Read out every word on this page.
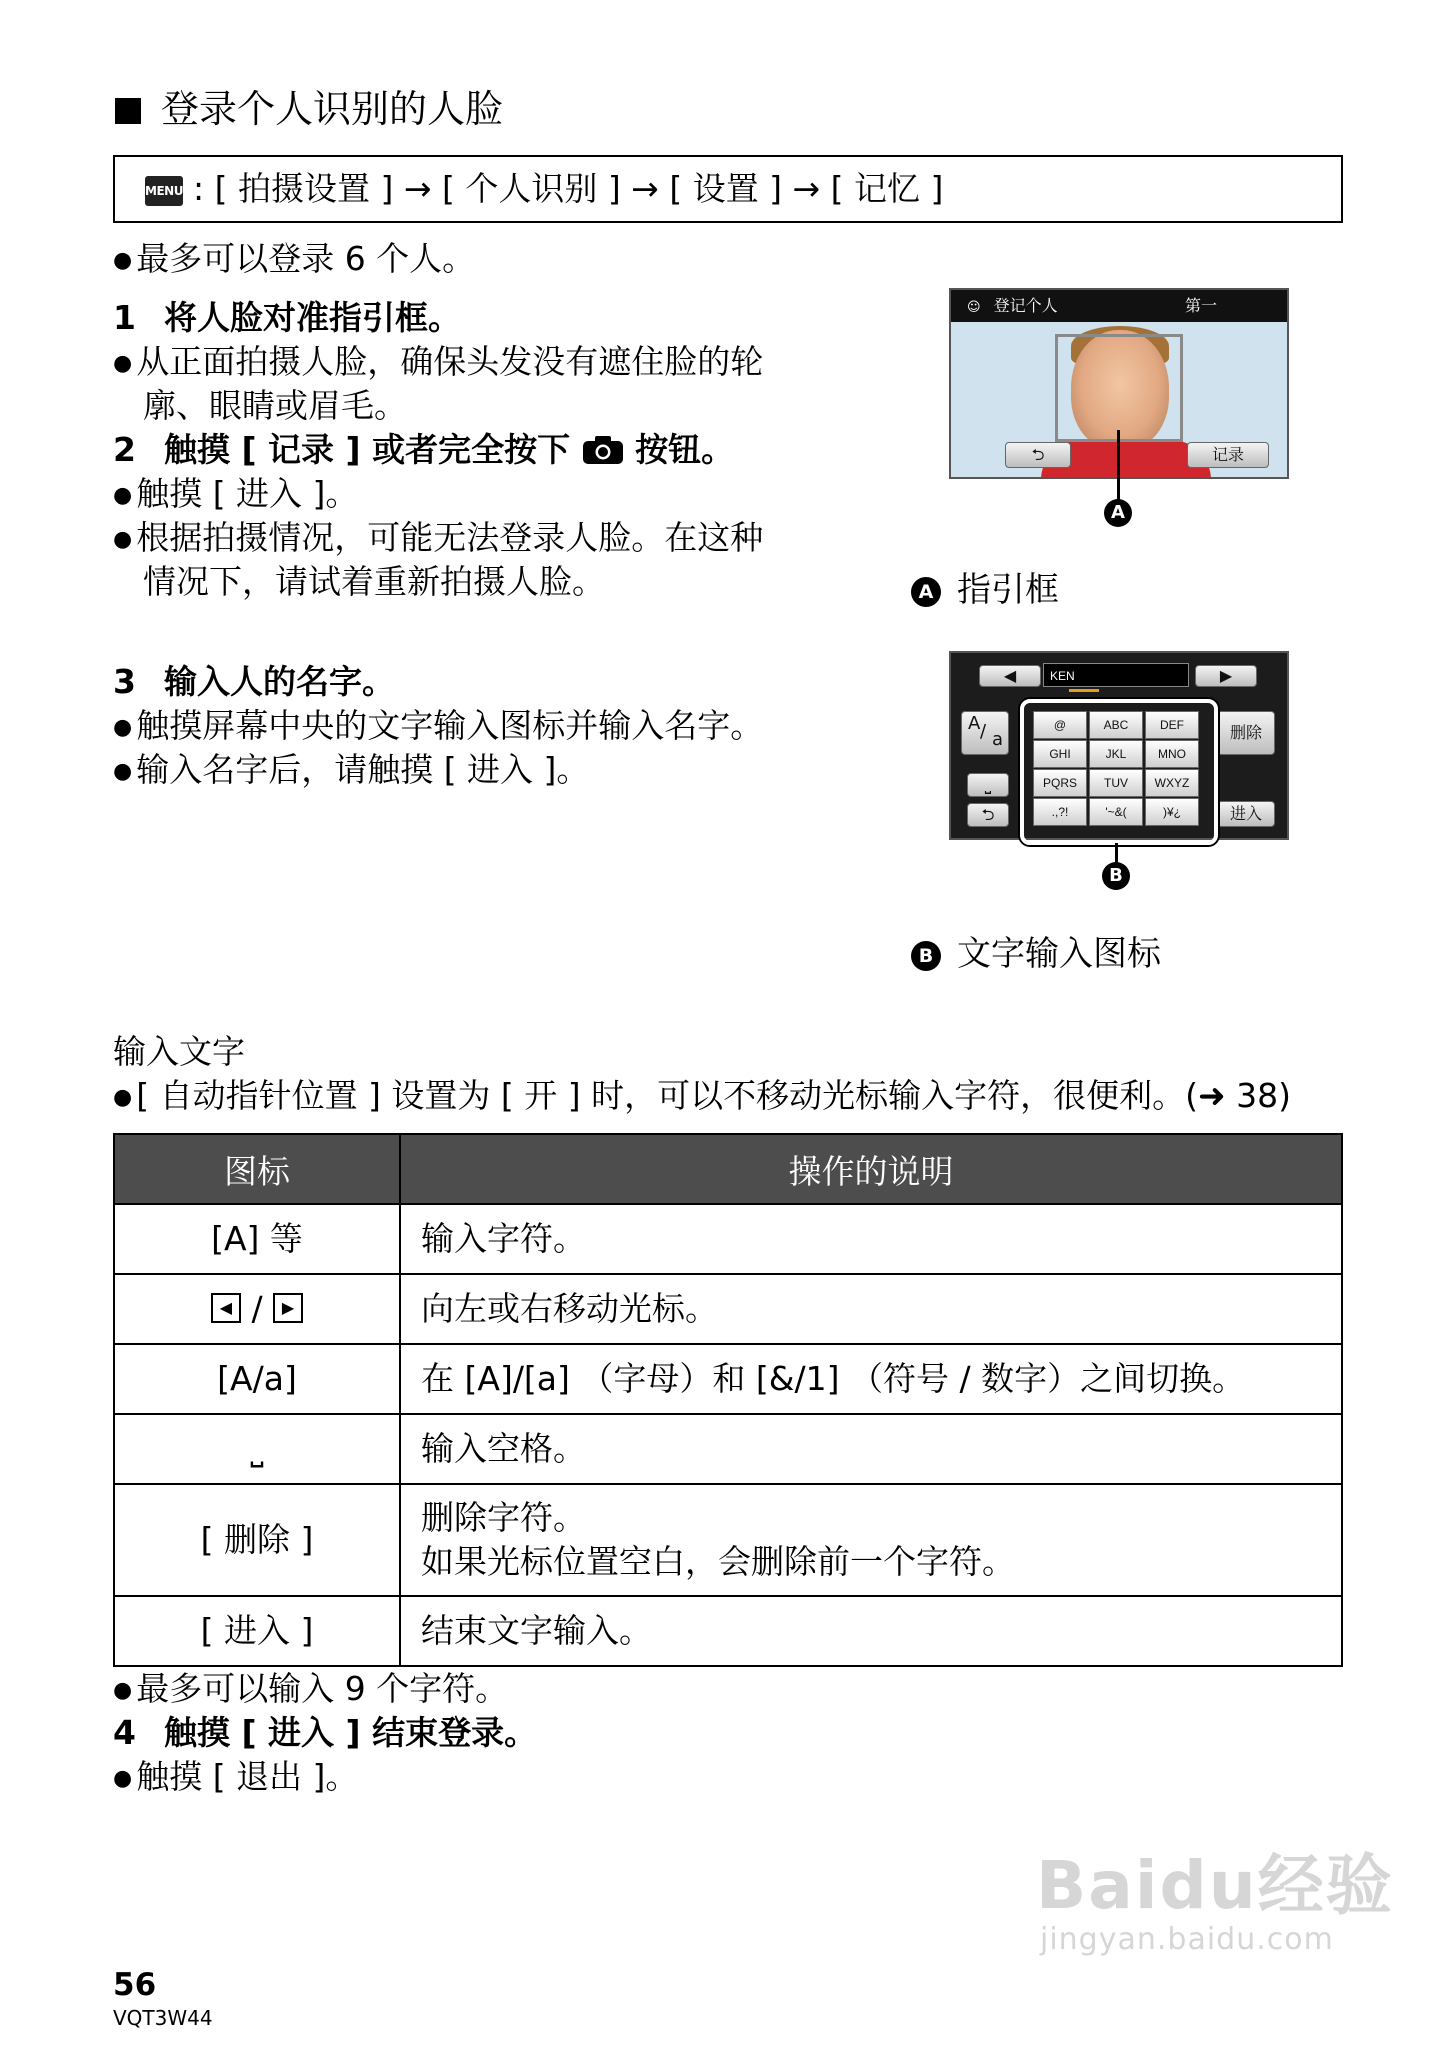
登录个人识别的人脸
MENU : [ 拍摄设置 ] → [ 个人识别 ] → [ 设置 ] → [ 记忆 ]
● 最多可以登录 6 个人。
1 将人脸对准指引框。
● 从正面拍摄人脸，确保头发没有遮住脸的轮
廓、眼睛或眉毛。
2 触摸 [ 记录 ] 或者完全按下 按钮。
● 触摸 [ 进入 ]。
● 根据拍摄情况，可能无法登录人脸。在这种
情况下，请试着重新拍摄人脸。
3 输入人的名字。
● 触摸屏幕中央的文字输入图标并输入名字。
● 输入名字后，请触摸 [ 进入 ]。
☺ 登记个人	第一
⮌	记录
A
A 指引框
◀	KEN	▶
A / a
⎵
⮌
删除
进入
@	ABC	DEF
GHI	JKL	MNO
PQRS	TUV	WXYZ
.,?!	'~&(	)¥¿
B
B 文字输入图标
输入文字
● [ 自动指针位置 ] 设置为 [ 开 ] 时，可以不移动光标输入字符，很便利。(➜ 38)
图标	操作的说明
[A] 等	输入字符。

◀ / ▶	向左或右移动光标。
[A/a]	在 [A]/[a] （字母）和 [&/1] （符号 / 数字）之间切换。
⎵	输入空格。
[ 删除 ]	删除字符。
如果光标位置空白，会删除前一个字符。

[ 进入 ]	结束文字输入。
● 最多可以输入 9 个字符。
4 触摸 [ 进入 ] 结束登录。
● 触摸 [ 退出 ]。
Baidu经验
jingyan.baidu.com
56
VQT3W44
